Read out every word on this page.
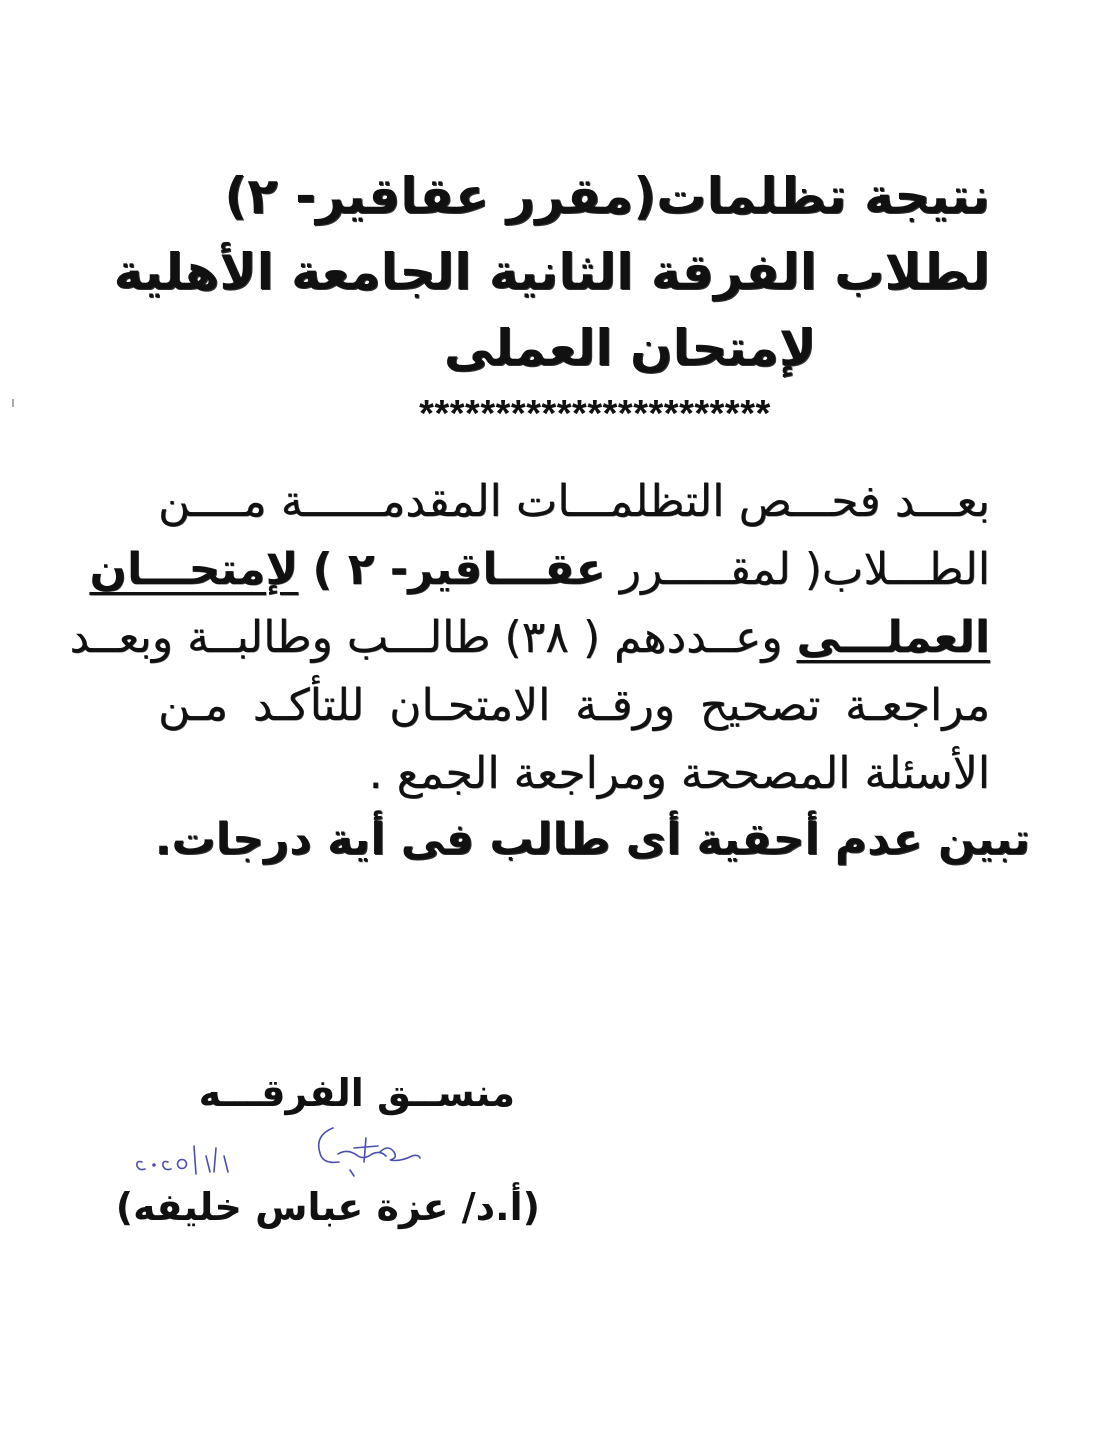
نتيجة تظلمات(مقرر عقاقير- ٢)
لطلاب الفرقة الثانية الجامعة الأهلية
لإمتحان العملى
***********************
بعـــد فحـــص التظلمـــات المقدمــــــة مــــن
الطـــلاب( لمقـــــرر عقـــاقير- ٢ ) لإمتحـــان
العملـــى وعــددهم ( ٣٨) طالـــب وطالبــة وبعــد
مراجعـة تصحيح ورقـة الامتحـان للتأكـد مـن
الأسئلة المصححة ومراجعة الجمع .
تبين عدم أحقية أى طالب فى أية درجات.
منســق الفرقـــه
(أ.د/ عزة عباس خليفه)
